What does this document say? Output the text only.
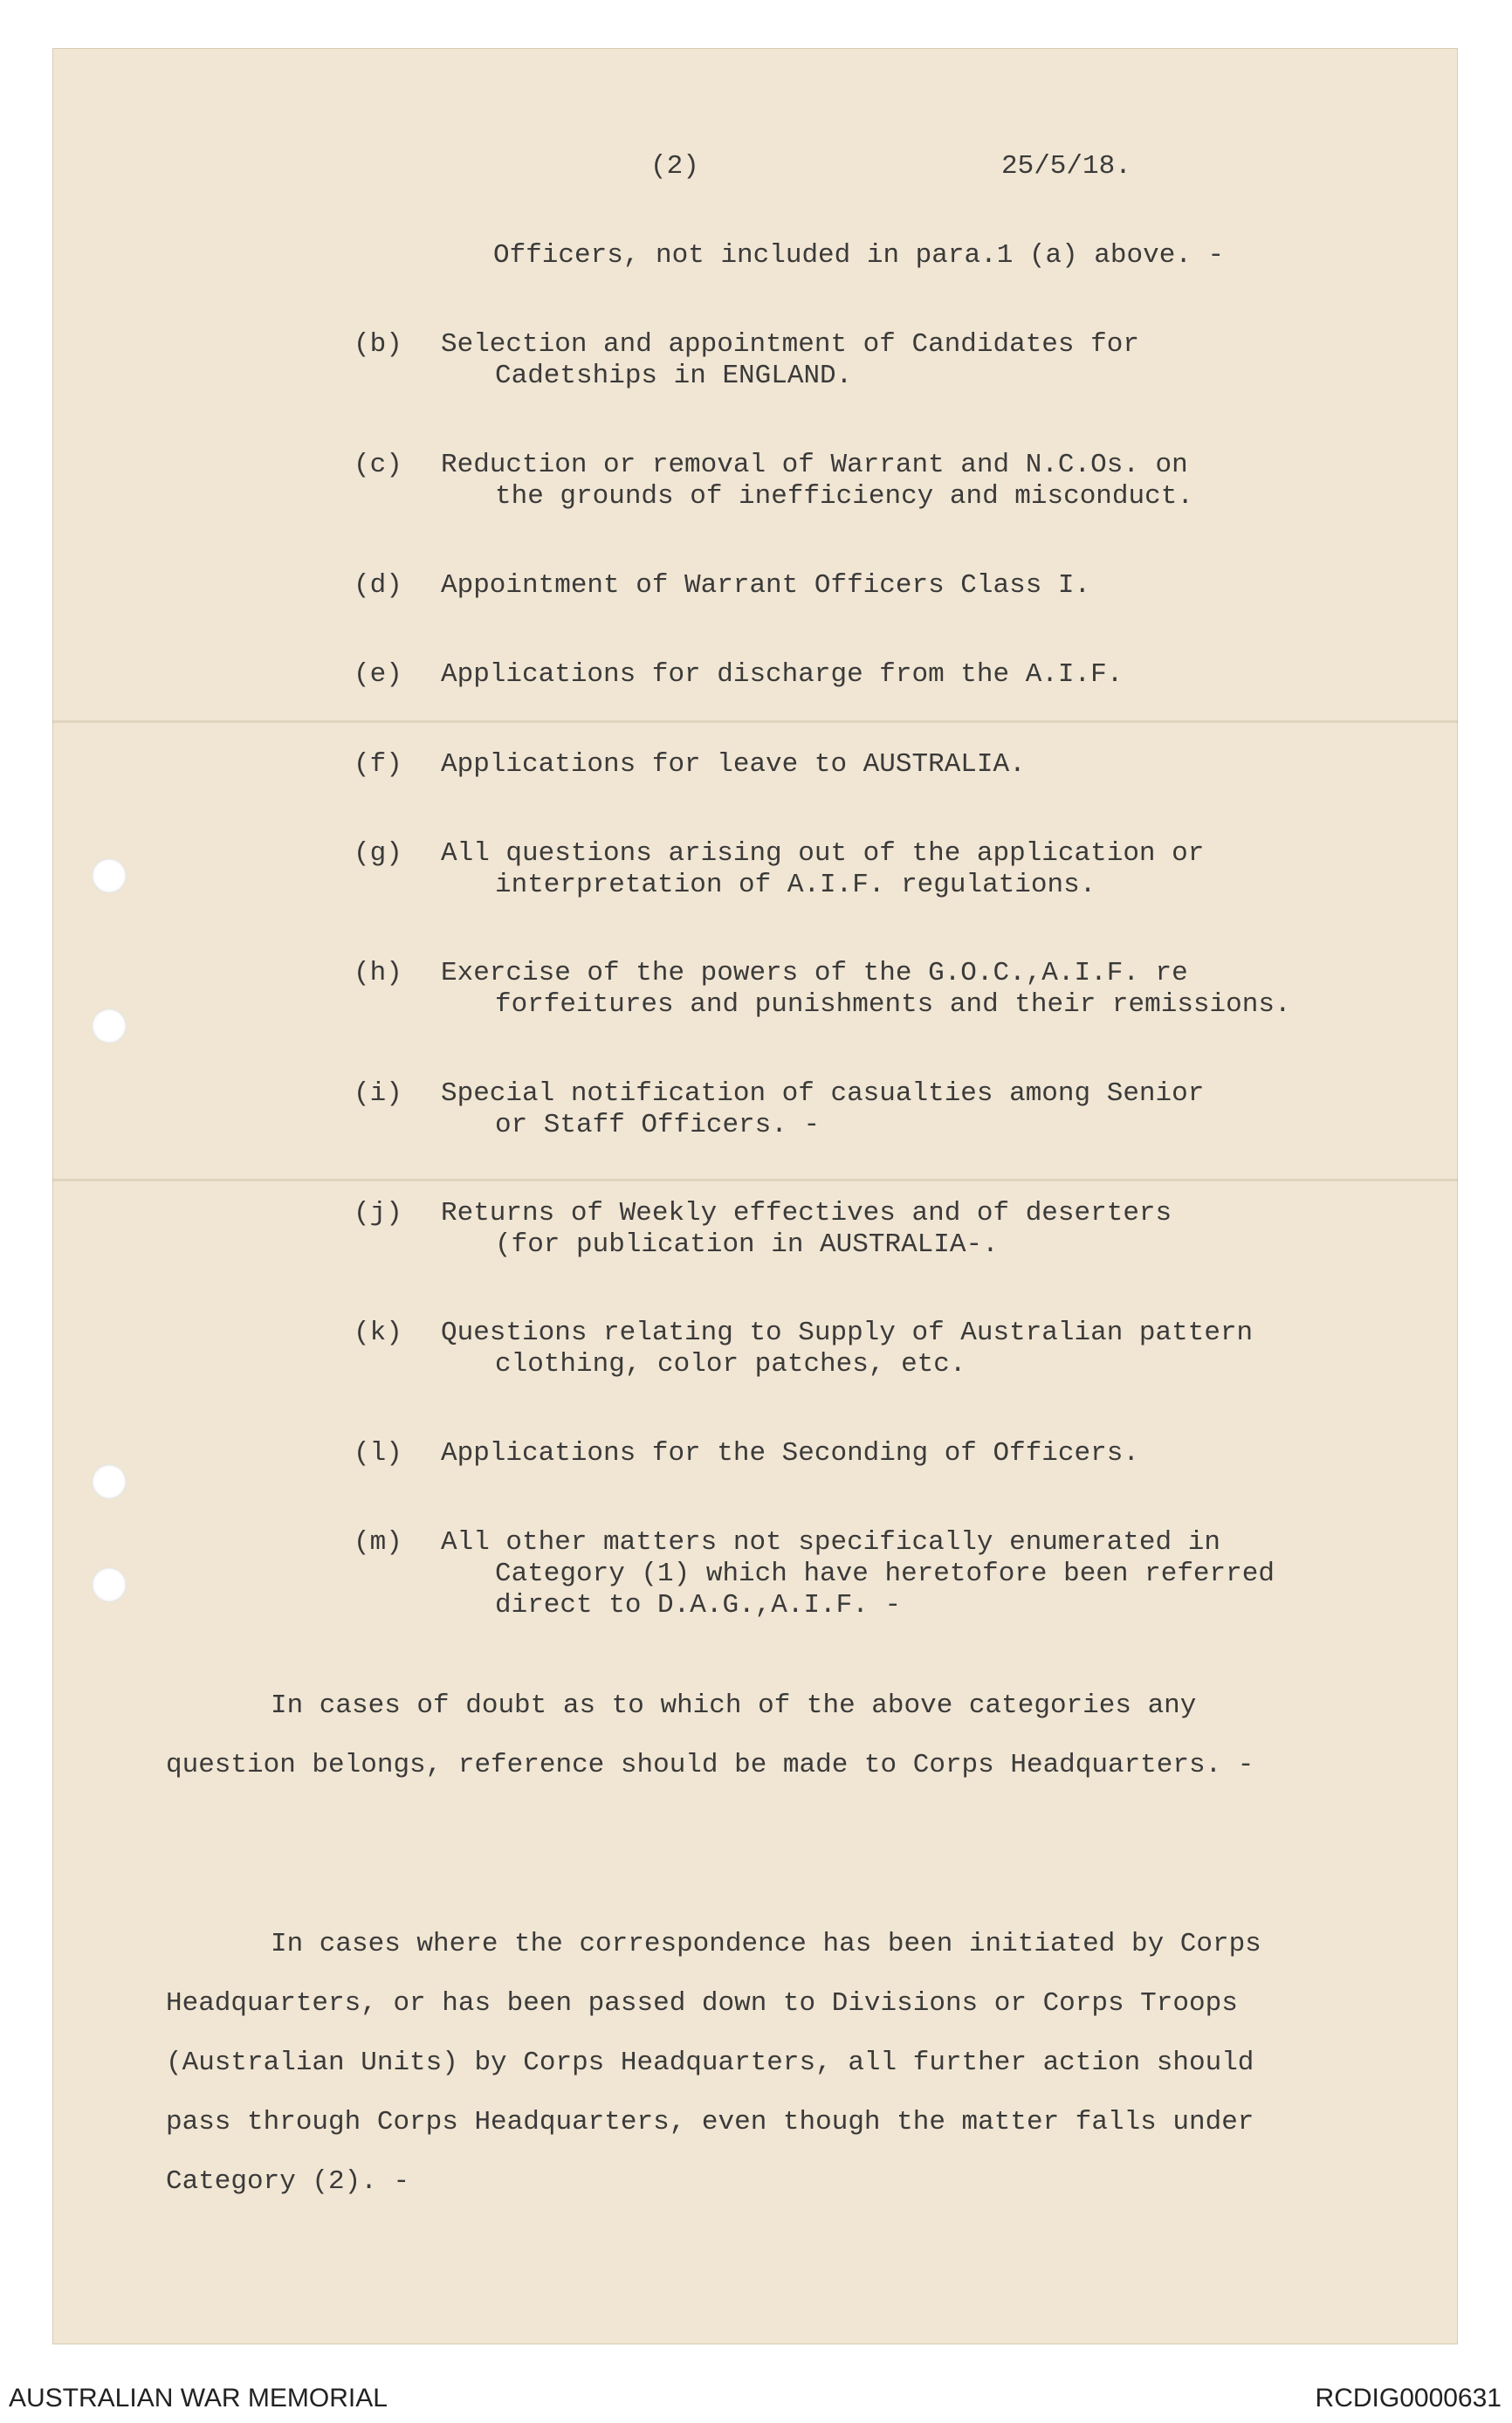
(2)	25/5/18.
Officers, not included in para.1 (a) above. -
(b) Selection and appointment of Candidates for
Cadetships in ENGLAND.
(c) Reduction or removal of Warrant and N.C.Os. on
the grounds of inefficiency and misconduct.
(d) Appointment of Warrant Officers Class I.
(e) Applications for discharge from the A.I.F.
(f) Applications for leave to AUSTRALIA.
(g) All questions arising out of the application or
interpretation of A.I.F. regulations.
(h) Exercise of the powers of the G.O.C.,A.I.F. re
forfeitures and punishments and their remissions.
(i) Special notification of casualties among Senior
or Staff Officers. -
(j) Returns of Weekly effectives and of deserters
(for publication in AUSTRALIA-.
(k) Questions relating to Supply of Australian pattern
clothing, color patches, etc.
(l) Applications for the Seconding of Officers.
(m) All other matters not specifically enumerated in
Category (1) which have heretofore been referred
direct to D.A.G.,A.I.F. -
In cases of doubt as to which of the above categories any
question belongs, reference should be made to Corps Headquarters. -
In cases where the correspondence has been initiated by Corps
Headquarters, or has been passed down to Divisions or Corps Troops
(Australian Units) by Corps Headquarters, all further action should
pass through Corps Headquarters, even though the matter falls under
Category (2). -
AUSTRALIAN WAR MEMORIAL	RCDIG0000631
